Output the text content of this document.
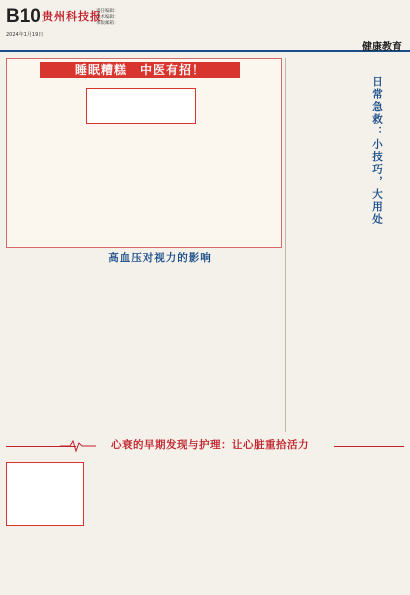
B10 贵州科技报
2024年1月19日
责任编辑：
美术编辑：
本版邮箱：
健康教育
睡眠糟糕　中医有招！

日常急救：小技巧，大用处
高血压对视力的影响

心衰的早期发现与护理：让心脏重拾活力
